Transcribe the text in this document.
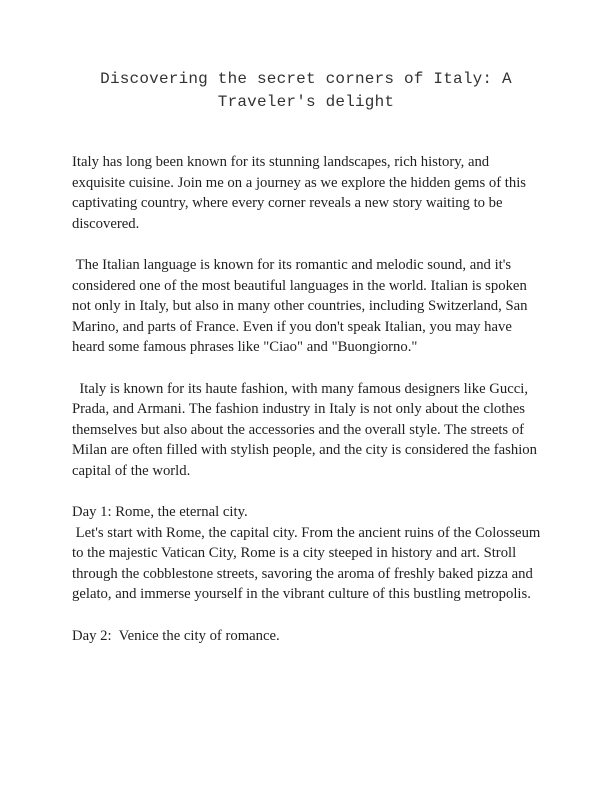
Discovering the secret corners of Italy: A Traveler's delight

Italy has long been known for its stunning landscapes, rich history, and exquisite cuisine. Join me on a journey as we explore the hidden gems of this captivating country, where every corner reveals a new story waiting to be discovered.

The Italian language is known for its romantic and melodic sound, and it's considered one of the most beautiful languages in the world. Italian is spoken not only in Italy, but also in many other countries, including Switzerland, San Marino, and parts of France. Even if you don't speak Italian, you may have heard some famous phrases like "Ciao" and "Buongiorno."

Italy is known for its haute fashion, with many famous designers like Gucci, Prada, and Armani. The fashion industry in Italy is not only about the clothes themselves but also about the accessories and the overall style. The streets of Milan are often filled with stylish people, and the city is considered the fashion capital of the world.

Day 1: Rome, the eternal city.
Let's start with Rome, the capital city. From the ancient ruins of the Colosseum to the majestic Vatican City, Rome is a city steeped in history and art. Stroll through the cobblestone streets, savoring the aroma of freshly baked pizza and gelato, and immerse yourself in the vibrant culture of this bustling metropolis.
Day 2:  Venice the city of romance.
